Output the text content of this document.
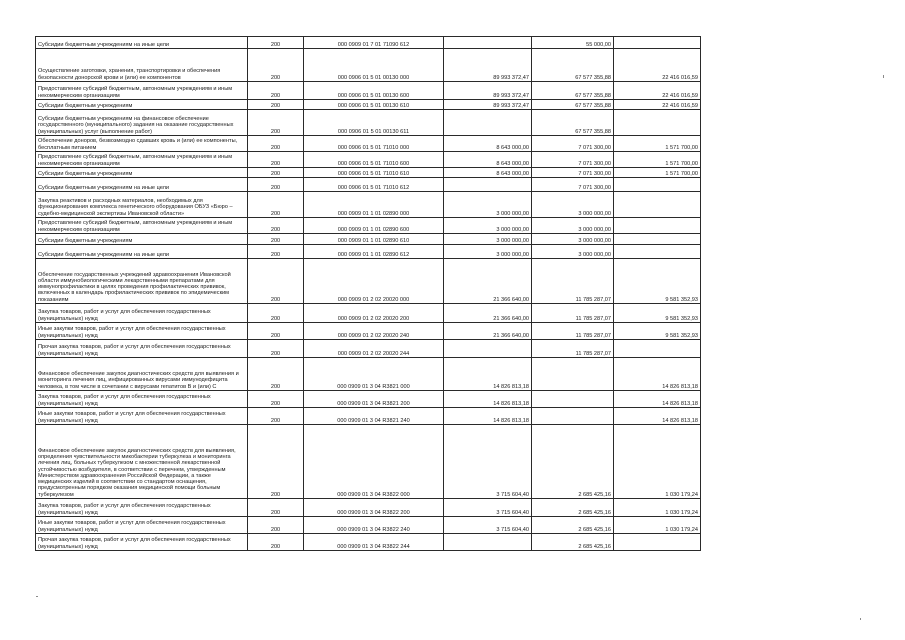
Субсидии бюджетным учреждениям на иные цели	200	000 0909 01 7 01 71090 612		55 000,00	
Осуществление заготовки, хранения, транспортировки и обеспечения безопасности донорской крови и (или) ее компонентов	200	000 0906 01 5 01 00130 000	89 993 372,47	67 577 355,88	22 416 016,59
Предоставление субсидий бюджетным, автономным учреждениям и иным некоммерческим организациям	200	000 0906 01 5 01 00130 600	89 993 372,47	67 577 355,88	22 416 016,59
Субсидии бюджетным учреждениям	200	000 0906 01 5 01 00130 610	89 993 372,47	67 577 355,88	22 416 016,59
Субсидии бюджетным учреждениям на финансовое обеспечение государственного (муниципального) задания на оказание государственных (муниципальных) услуг (выполнение работ)	200	000 0906 01 5 01 00130 611		67 577 355,88	
Обеспечение доноров, безвозмездно сдавших кровь и (или) ее компоненты, бесплатным питанием	200	000 0906 01 5 01 71010 000	8 643 000,00	7 071 300,00	1 571 700,00
Предоставление субсидий бюджетным, автономным учреждениям и иным некоммерческим организациям	200	000 0906 01 5 01 71010 600	8 643 000,00	7 071 300,00	1 571 700,00
Субсидии бюджетным учреждениям	200	000 0906 01 5 01 71010 610	8 643 000,00	7 071 300,00	1 571 700,00
Субсидии бюджетным учреждениям на иные цели	200	000 0906 01 5 01 71010 612		7 071 300,00	
Закупка реактивов и расходных материалов, необходимых для функционирования комплекса генетического оборудования ОБУЗ «Бюро – судебно-медицинской экспертизы Ивановской области»	200	000 0909 01 1 01 02890 000	3 000 000,00	3 000 000,00	
Предоставление субсидий бюджетным, автономным учреждениям и иным некоммерческим организациям	200	000 0909 01 1 01 02890 600	3 000 000,00	3 000 000,00	
Субсидии бюджетным учреждениям	200	000 0909 01 1 01 02890 610	3 000 000,00	3 000 000,00	
Субсидии бюджетным учреждениям на иные цели	200	000 0909 01 1 01 02890 612	3 000 000,00	3 000 000,00	
Обеспечение государственных учреждений здравоохранения Ивановской области иммунобиологическими лекарственными препаратами для иммунопрофилактики в целях проведения профилактических прививок, включенных в календарь профилактических прививок по эпидемическим показаниям	200	000 0909 01 2 02 20020 000	21 366 640,00	11 785 287,07	9 581 352,93
Закупка товаров, работ и услуг для обеспечения государственных (муниципальных) нужд	200	000 0909 01 2 02 20020 200	21 366 640,00	11 785 287,07	9 581 352,93
Иные закупки товаров, работ и услуг для обеспечения государственных (муниципальных) нужд	200	000 0909 01 2 02 20020 240	21 366 640,00	11 785 287,07	9 581 352,93
Прочая закупка товаров, работ и услуг для обеспечения государственных (муниципальных) нужд	200	000 0909 01 2 02 20020 244		11 785 287,07	
Финансовое обеспечение закупок диагностических средств для выявления и мониторинга лечения лиц, инфицированных вирусами иммунодефицита человека, в том числе в сочетании с вирусами гепатитов В и (или) С	200	000 0909 01 3 04 R3821 000	14 826 813,18		14 826 813,18
Закупка товаров, работ и услуг для обеспечения государственных (муниципальных) нужд	200	000 0909 01 3 04 R3821 200	14 826 813,18		14 826 813,18
Иные закупки товаров, работ и услуг для обеспечения государственных (муниципальных) нужд	200	000 0909 01 3 04 R3821 240	14 826 813,18		14 826 813,18
Финансовое обеспечение закупок диагностических средств для выявления, определения чувствительности микобактерии туберкулеза и мониторинга лечения лиц, больных туберкулезом с множественной лекарственной устойчивостью возбудителя, в соответствии с перечнем, утвержденным Министерством здравоохранения Российской Федерации, а также медицинских изделий в соответствии со стандартом оснащения, предусмотренным порядком оказания медицинской помощи больным туберкулезом	200	000 0909 01 3 04 R3822 000	3 715 604,40	2 685 425,16	1 030 179,24
Закупка товаров, работ и услуг для обеспечения государственных (муниципальных) нужд	200	000 0909 01 3 04 R3822 200	3 715 604,40	2 685 425,16	1 030 179,24
Иные закупки товаров, работ и услуг для обеспечения государственных (муниципальных) нужд	200	000 0909 01 3 04 R3822 240	3 715 604,40	2 685 425,16	1 030 179,24
Прочая закупка товаров, работ и услуг для обеспечения государственных (муниципальных) нужд	200	000 0909 01 3 04 R3822 244		2 685 425,16	
